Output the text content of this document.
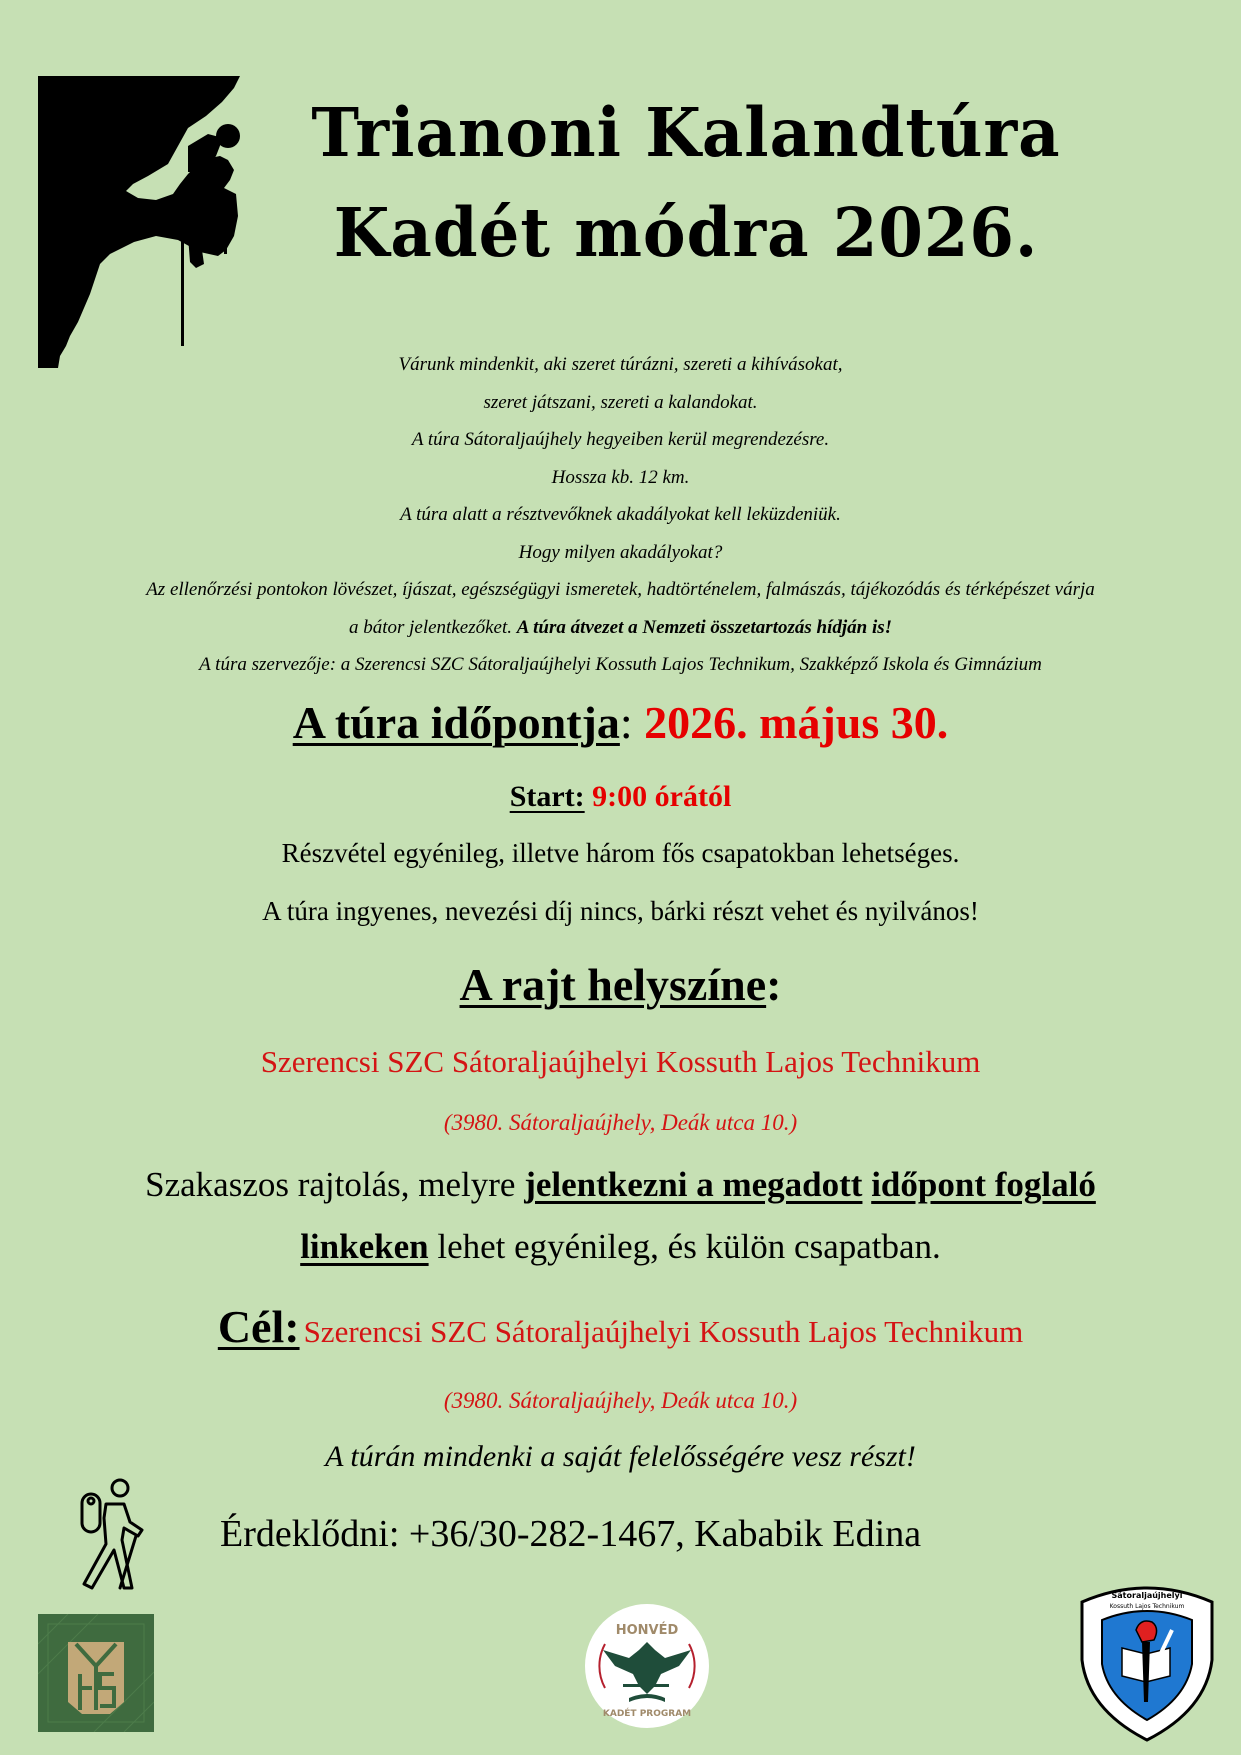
Trianoni Kalandtúra
Kadét módra 2026.
Várunk mindenkit, aki szeret túrázni, szereti a kihívásokat,
szeret játszani, szereti a kalandokat.
A túra Sátoraljaújhely hegyeiben kerül megrendezésre.
Hossza kb. 12 km.
A túra alatt a résztvevőknek akadályokat kell leküzdeniük.
Hogy milyen akadályokat?
Az ellenőrzési pontokon lövészet, íjászat, egészségügyi ismeretek, hadtörténelem, falmászás, tájékozódás és térképészet várja
a bátor jelentkezőket. A túra átvezet a Nemzeti összetartozás hídján is!
A túra szervezője: a Szerencsi SZC Sátoraljaújhelyi Kossuth Lajos Technikum, Szakképző Iskola és Gimnázium
A túra időpontja: 2026. május 30.
Start: 9:00 órától
Részvétel egyénileg, illetve három fős csapatokban lehetséges.
A túra ingyenes, nevezési díj nincs, bárki részt vehet és nyilvános!
A rajt helyszíne:
Szerencsi SZC Sátoraljaújhelyi Kossuth Lajos Technikum
(3980. Sátoraljaújhely, Deák utca 10.)
Szakaszos rajtolás, melyre jelentkezni a megadott időpont foglaló
linkeken lehet egyénileg, és külön csapatban.
Cél: Szerencsi SZC Sátoraljaújhelyi Kossuth Lajos Technikum
(3980. Sátoraljaújhely, Deák utca 10.)
A túrán mindenki a saját felelősségére vesz részt!
Érdeklődni: +36/30-282-1467, Kababik Edina
HONVÉD
KADÉT PROGRAM
Sátoraljaújhelyi
Kossuth Lajos Technikum
